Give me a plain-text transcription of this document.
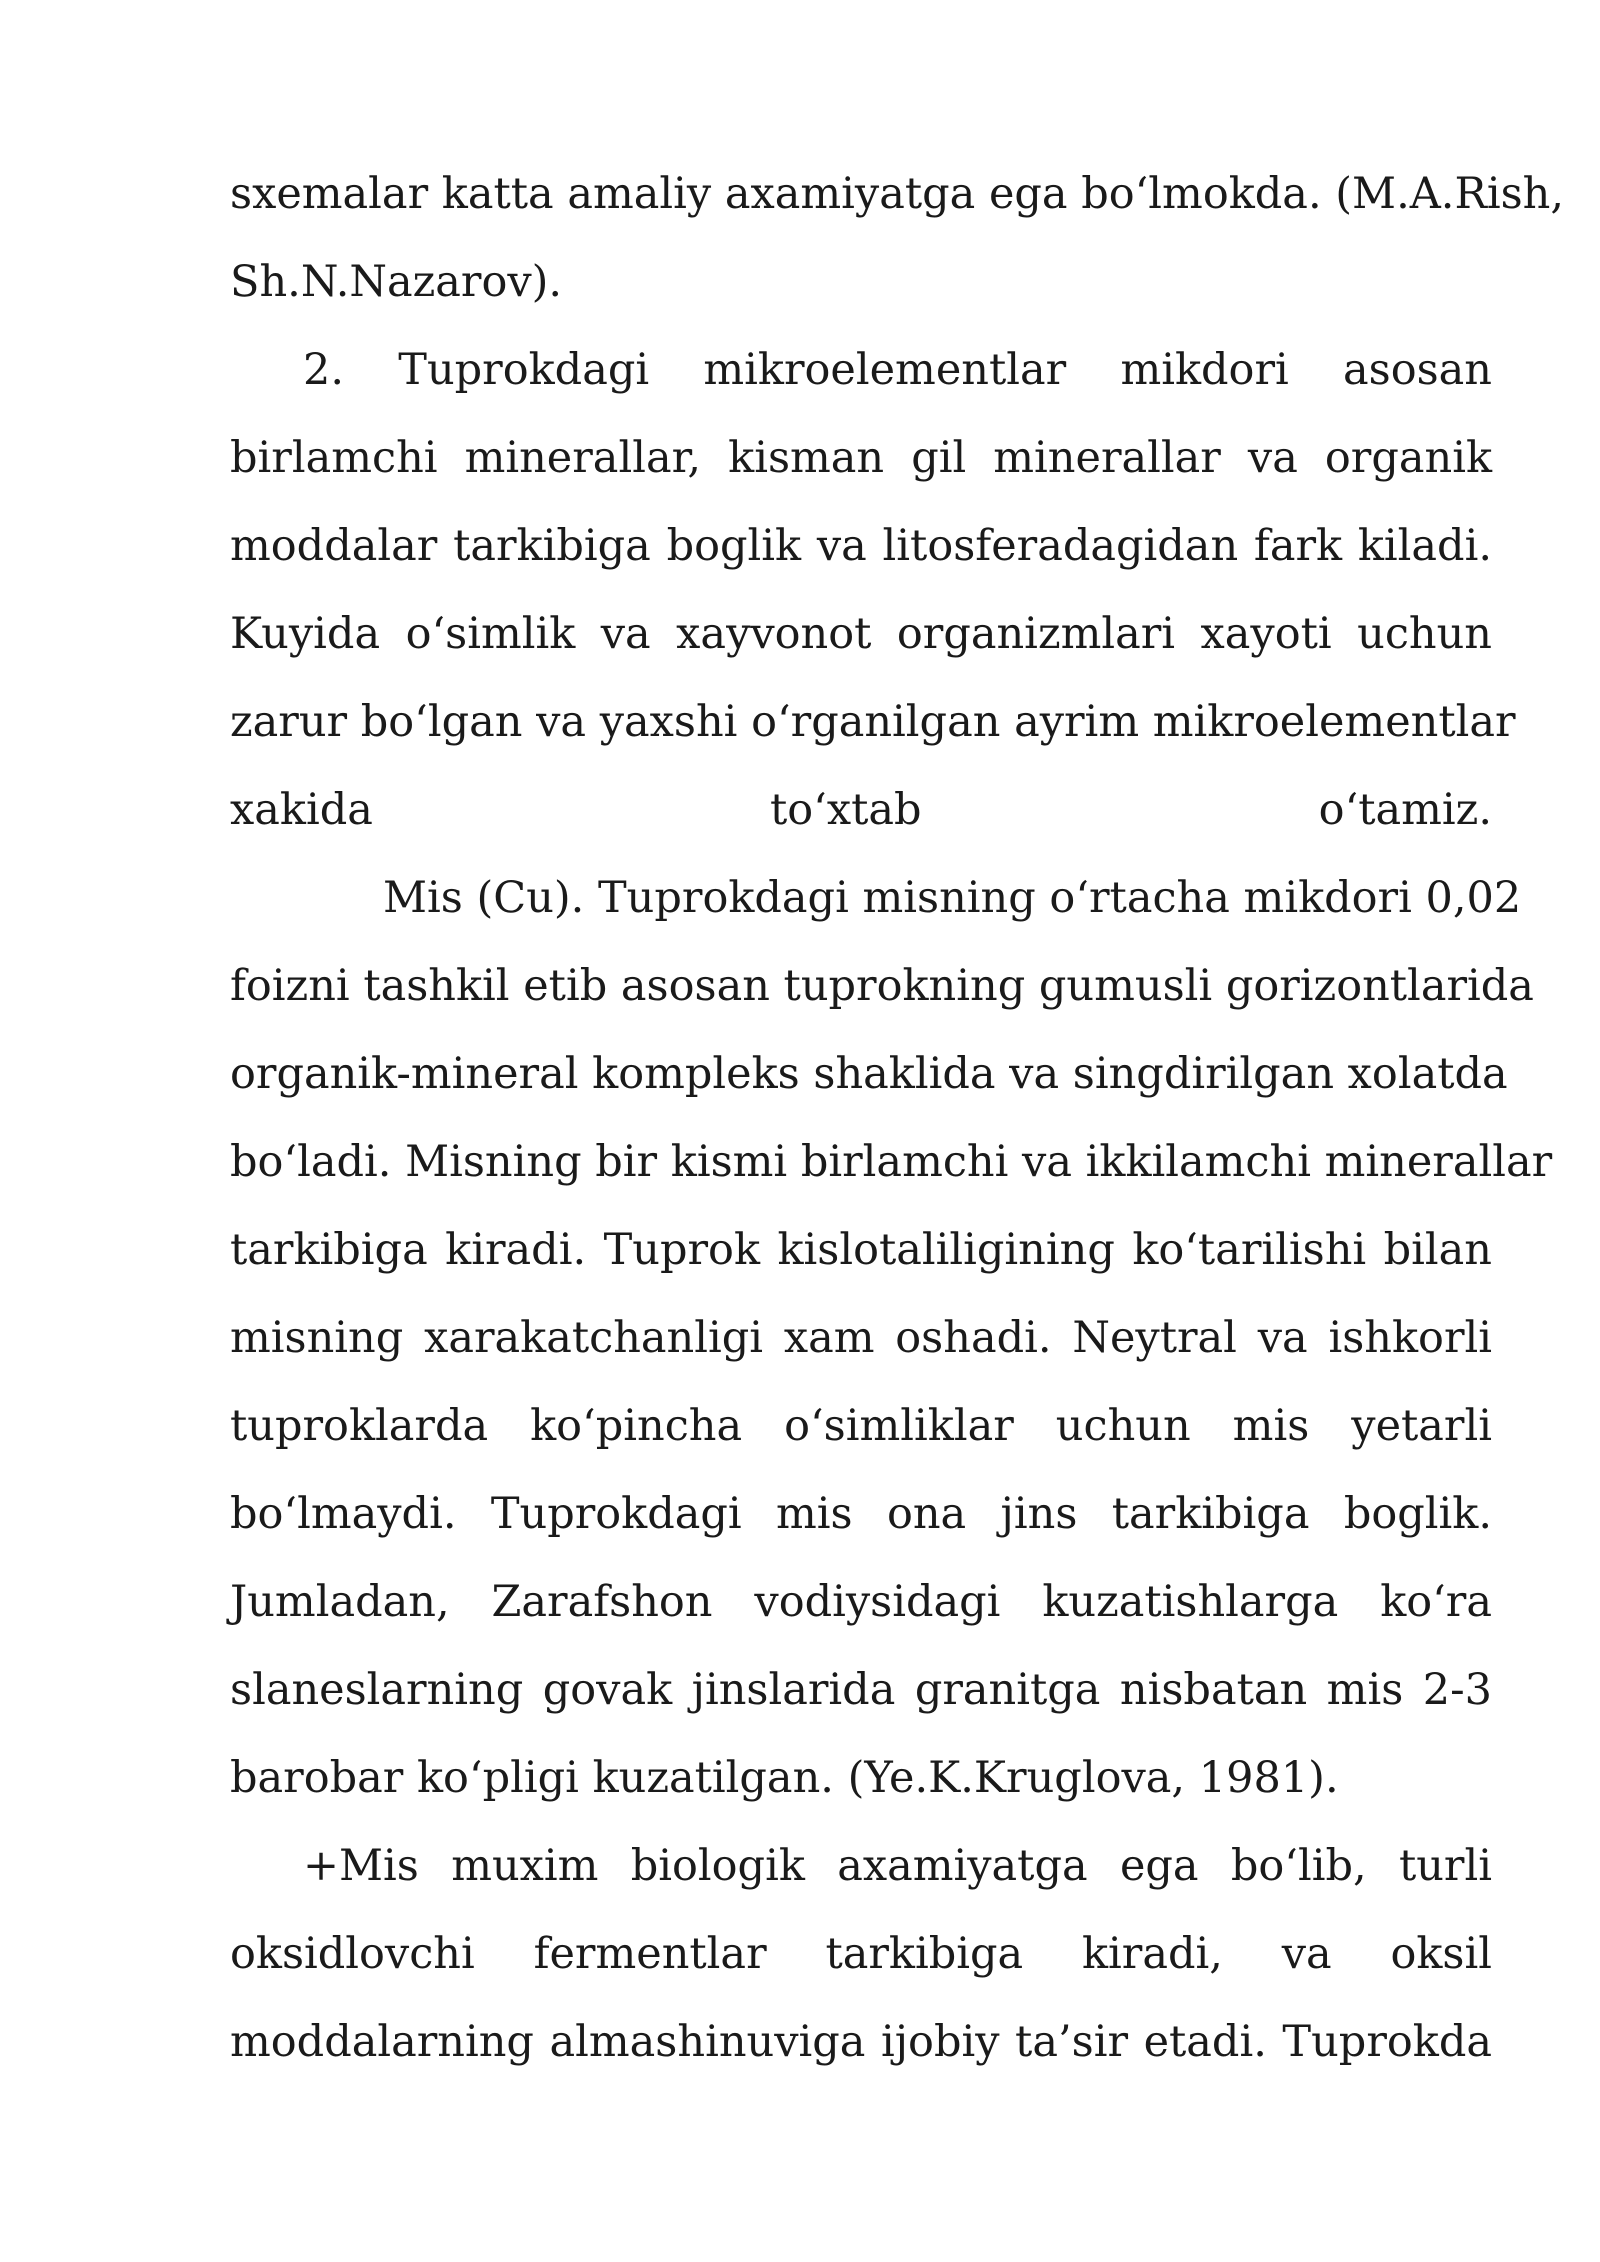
sxemalar katta amaliy axamiyatga ega bo‘lmokda. (M.A.Rish,
Sh.N.Nazarov).
2. Tuprokdagi mikroelementlar mikdori asosan
birlamchi minerallar, kisman gil minerallar va organik
moddalar tarkibiga boglik va litosferadagidan fark kiladi.
Kuyida o‘simlik va xayvonot organizmlari xayoti uchun
zarur bo‘lgan va yaxshi o‘rganilgan ayrim mikroelementlar
xakida to‘xtab o‘tamiz.
Mis (Cu). Tuprokdagi misning o‘rtacha mikdori 0,02
foizni tashkil etib asosan tuprokning gumusli gorizontlarida
organik-mineral kompleks shaklida va singdirilgan xolatda
bo‘ladi. Misning bir kismi birlamchi va ikkilamchi minerallar
tarkibiga kiradi. Tuprok kislotaliligining ko‘tarilishi bilan
misning xarakatchanligi xam oshadi. Neytral va ishkorli
tuproklarda ko‘pincha o‘simliklar uchun mis yetarli
bo‘lmaydi. Tuprokdagi mis ona jins tarkibiga boglik.
Jumladan, Zarafshon vodiysidagi kuzatishlarga ko‘ra
slaneslarning govak jinslarida granitga nisbatan mis 2-3
barobar ko‘pligi kuzatilgan. (Ye.K.Kruglova, 1981).
+Mis muxim biologik axamiyatga ega bo‘lib, turli
oksidlovchi fermentlar tarkibiga kiradi, va oksil
moddalarning almashinuviga ijobiy ta’sir etadi. Tuprokda
